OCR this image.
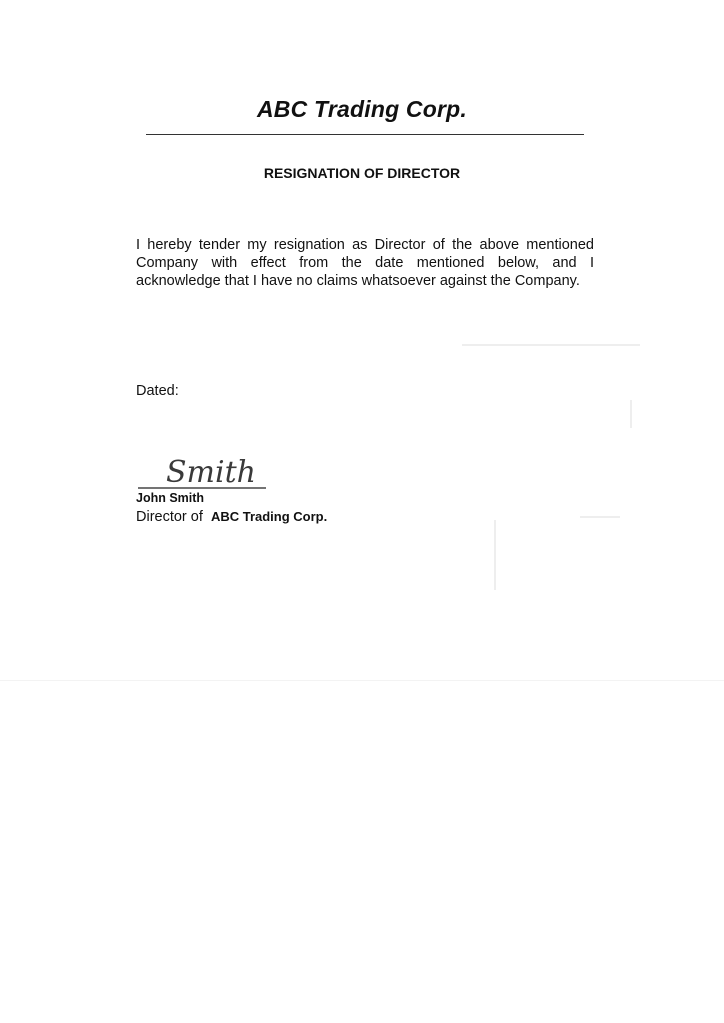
ABC Trading Corp.
RESIGNATION OF DIRECTOR

I hereby tender my resignation as Director of the above mentioned Company with effect from the date mentioned below, and I acknowledge that I have no claims whatsoever against the Company.

Dated:

Smith

John Smith

Director of ABC Trading Corp.
